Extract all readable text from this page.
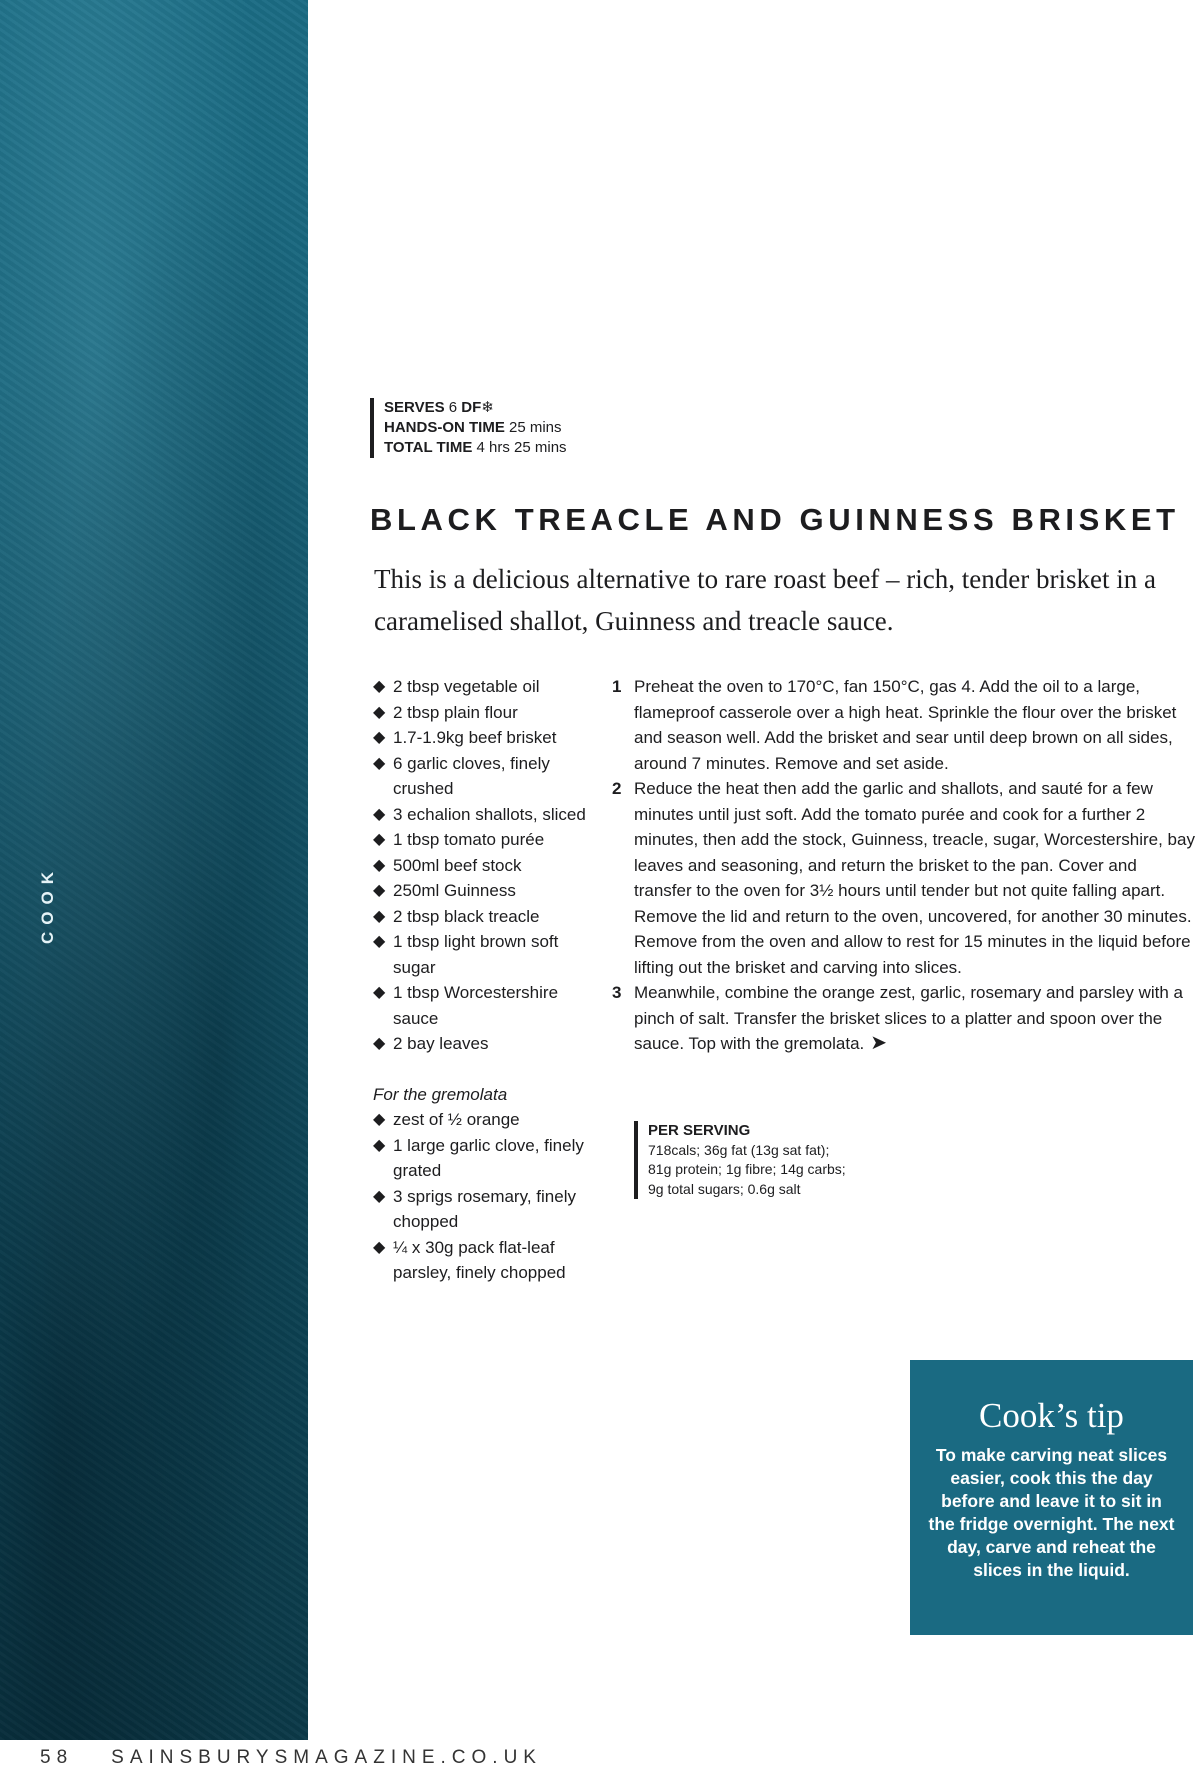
COOK
SERVES 6 DF❄
HANDS-ON TIME 25 mins
TOTAL TIME 4 hrs 25 mins
BLACK TREACLE AND GUINNESS BRISKET
This is a delicious alternative to rare roast beef – rich, tender brisket in a caramelised shallot, Guinness and treacle sauce.
◆ 2 tbsp vegetable oil
◆ 2 tbsp plain flour
◆ 1.7-1.9kg beef brisket
◆ 6 garlic cloves, finely crushed
◆ 3 echalion shallots, sliced
◆ 1 tbsp tomato purée
◆ 500ml beef stock
◆ 250ml Guinness
◆ 2 tbsp black treacle
◆ 1 tbsp light brown soft sugar
◆ 1 tbsp Worcestershire sauce
◆ 2 bay leaves
For the gremolata
◆ zest of ½ orange
◆ 1 large garlic clove, finely grated
◆ 3 sprigs rosemary, finely chopped
◆ ¼ x 30g pack flat-leaf parsley, finely chopped
1 Preheat the oven to 170°C, fan 150°C, gas 4. Add the oil to a large, flameproof casserole over a high heat. Sprinkle the flour over the brisket and season well. Add the brisket and sear until deep brown on all sides, around 7 minutes. Remove and set aside.
2 Reduce the heat then add the garlic and shallots, and sauté for a few minutes until just soft. Add the tomato purée and cook for a further 2 minutes, then add the stock, Guinness, treacle, sugar, Worcestershire, bay leaves and seasoning, and return the brisket to the pan. Cover and transfer to the oven for 3½ hours until tender but not quite falling apart. Remove the lid and return to the oven, uncovered, for another 30 minutes. Remove from the oven and allow to rest for 15 minutes in the liquid before lifting out the brisket and carving into slices.
3 Meanwhile, combine the orange zest, garlic, rosemary and parsley with a pinch of salt. Transfer the brisket slices to a platter and spoon over the sauce. Top with the gremolata. ➤
PER SERVING
718cals; 36g fat (13g sat fat);
81g protein; 1g fibre; 14g carbs;
9g total sugars; 0.6g salt
Cook’s tip
To make carving neat slices easier, cook this the day before and leave it to sit in the fridge overnight. The next day, carve and reheat the slices in the liquid.
58 SAINSBURYSMAGAZINE.CO.UK
